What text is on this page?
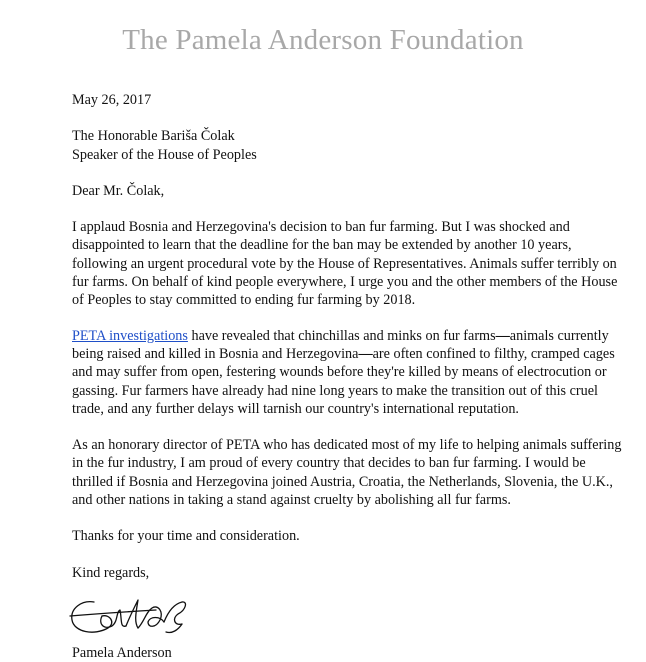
The Pamela Anderson Foundation
May 26, 2017
The Honorable Bariša Čolak
Speaker of the House of Peoples
Dear Mr. Čolak,
I applaud Bosnia and Herzegovina's decision to ban fur farming. But I was shocked and
disappointed to learn that the deadline for the ban may be extended by another 10 years,
following an urgent procedural vote by the House of Representatives. Animals suffer terribly on
fur farms. On behalf of kind people everywhere, I urge you and the other members of the House
of Peoples to stay committed to ending fur farming by 2018.
PETA investigations have revealed that chinchillas and minks on fur farms—animals currently
being raised and killed in Bosnia and Herzegovina—are often confined to filthy, cramped cages
and may suffer from open, festering wounds before they're killed by means of electrocution or
gassing. Fur farmers have already had nine long years to make the transition out of this cruel
trade, and any further delays will tarnish our country's international reputation.
As an honorary director of PETA who has dedicated most of my life to helping animals suffering
in the fur industry, I am proud of every country that decides to ban fur farming. I would be
thrilled if Bosnia and Herzegovina joined Austria, Croatia, the Netherlands, Slovenia, the U.K.,
and other nations in taking a stand against cruelty by abolishing all fur farms.
Thanks for your time and consideration.
Kind regards,
Pamela Anderson
